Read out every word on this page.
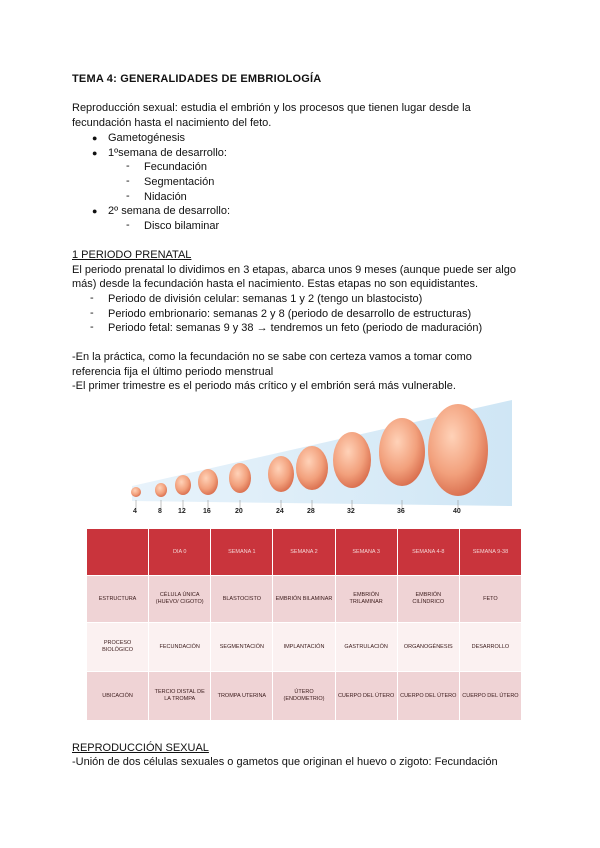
TEMA 4: GENERALIDADES DE EMBRIOLOGÍA
Reproducción sexual: estudia el embrión y los procesos que tienen lugar desde la
fecundación hasta el nacimiento del feto.
● Gametogénesis
● 1ºsemana de desarrollo:
- Fecundación
- Segmentación
- Nidación
● 2º semana de desarrollo:
- Disco bilaminar
1 PERIODO PRENATAL
El periodo prenatal lo dividimos en 3 etapas, abarca unos 9 meses (aunque puede ser algo
más) desde la fecundación hasta el nacimiento. Estas etapas no son equidistantes.
- Periodo de división celular: semanas 1 y 2 (tengo un blastocisto)
- Periodo embrionario: semanas 2 y 8 (periodo de desarrollo de estructuras)
- Periodo fetal: semanas 9 y 38 → tendremos un feto (periodo de maduración)
-En la práctica, como la fecundación no se sabe con certeza vamos a tomar como
referencia fija el último periodo menstrual
-El primer trimestre es el periodo más crítico y el embrión será más vulnerable.
4	8 12 16	20	24	28	32	36	40
	DIA 0	SEMANA 1	SEMANA 2	SEMANA 3	SEMANA 4-8	SEMANA 9-38
ESTRUCTURA	CÉLULA ÚNICA (HUEVO/ CIGOTO)	BLASTOCISTO	EMBRIÓN BILAMINAR	EMBRIÓN TRILAMINAR	EMBRIÓN CILÍNDRICO	FETO
PROCESO BIOLÓGICO	FECUNDACIÓN	SEGMENTACIÓN	IMPLANTACIÓN	GASTRULACIÓN	ORGANOGÉNESIS	DESARROLLO
UBICACIÓN	TERCIO DISTAL DE LA TROMPA	TROMPA UTERINA	ÚTERO (ENDOMETRIO)	CUERPO DEL ÚTERO	CUERPO DEL ÚTERO	CUERPO DEL ÚTERO
REPRODUCCIÓN SEXUAL
-Unión de dos células sexuales o gametos que originan el huevo o zigoto: Fecundación
